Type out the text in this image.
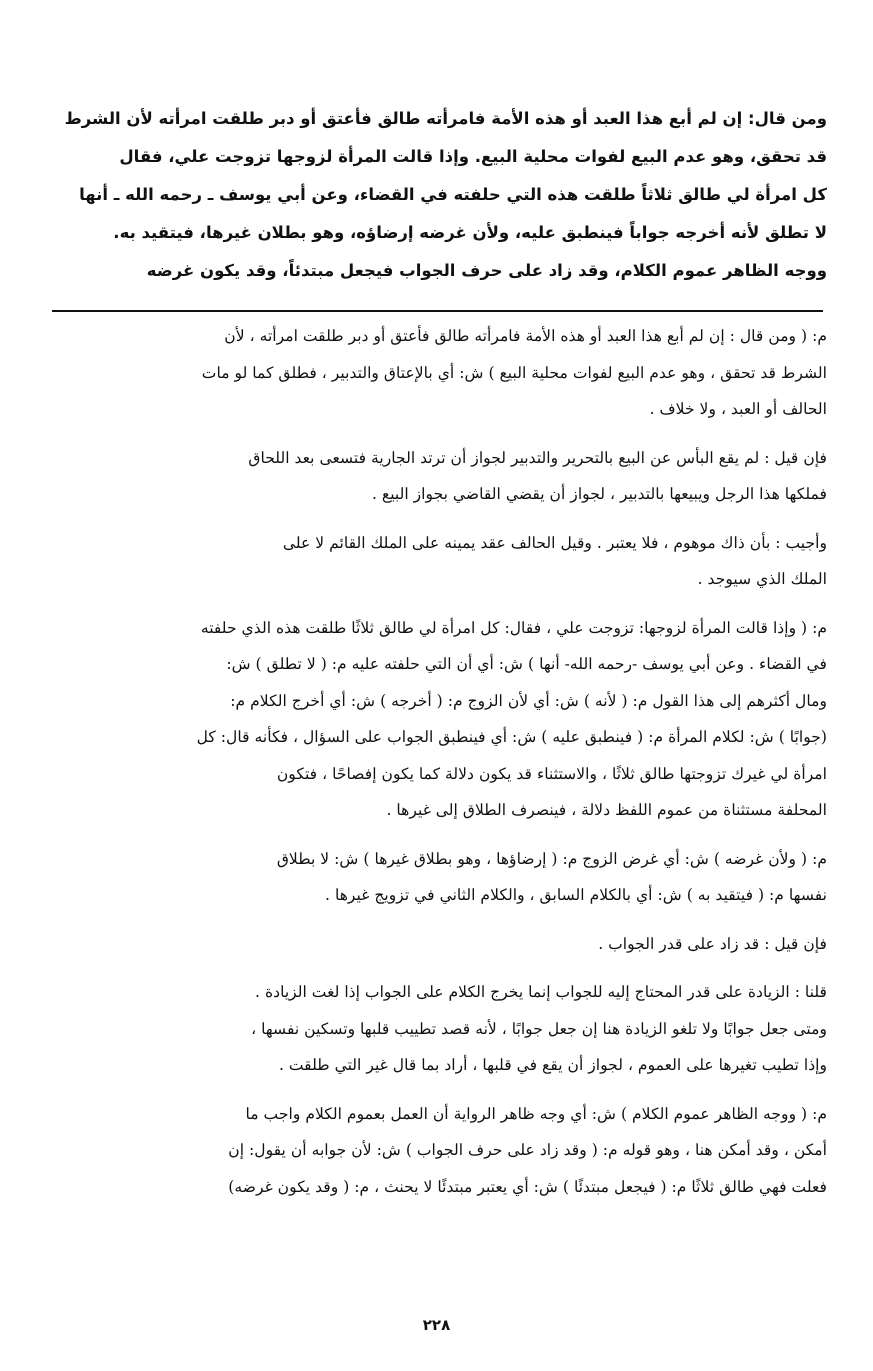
ومن قال: إن لم أبع هذا العبد أو هذه الأمة فامرأته طالق فأعتق أو دبر طلقت امرأته لأن الشرط
قد تحقق، وهو عدم البيع لفوات محلية البيع. وإذا قالت المرأة لزوجها تزوجت علي، فقال
كل امرأة لي طالق ثلاثاً طلقت هذه التي حلفته في القضاء، وعن أبي يوسف ـ رحمه الله ـ أنها
لا تطلق لأنه أخرجه جواباً فينطبق عليه، ولأن غرضه إرضاؤه، وهو بطلان غيرها، فيتقيد به.
ووجه الظاهر عموم الكلام، وقد زاد على حرف الجواب فيجعل مبتدئاً، وقد يكون غرضه
م: ( ومن قال : إن لم أبع هذا العبد أو هذه الأمة فامرأته طالق فأعتق أو دبر طلقت امرأته ، لأن
الشرط قد تحقق ، وهو عدم البيع لفوات محلية البيع ) ش: أي بالإعتاق والتدبير ، فطلق كما لو مات
الحالف أو العبد ، ولا خلاف .
فإن قيل : لم يقع البأس عن البيع بالتحرير والتدبير لجواز أن ترتد الجارية فتسعى بعد اللحاق
فملكها هذا الرجل ويبيعها بالتدبير ، لجواز أن يقضي القاضي بجواز البيع .
وأجيب : بأن ذاك موهوم ، فلا يعتبر . وقيل الحالف عقد يمينه على الملك القائم لا على
الملك الذي سيوجد .
م: ( وإذا قالت المرأة لزوجها: تزوجت علي ، فقال: كل امرأة لي طالق ثلاثًا طلقت هذه الذي حلفته
في القضاء . وعن أبي يوسف -رحمه الله- أنها ) ش: أي أن التي حلفته عليه م: ( لا تطلق ) ش:
ومال أكثرهم إلى هذا القول م: ( لأنه ) ش: أي لأن الزوج م: ( أخرجه ) ش: أي أخرج الكلام م:
(جوابًا ) ش: لكلام المرأة م: ( فينطبق عليه ) ش: أي فينطبق الجواب على السؤال ، فكأنه قال: كل
امرأة لي غيرك تزوجتها طالق ثلاثًا ، والاستثناء قد يكون دلالة كما يكون إفصاحًا ، فتكون
المحلفة مستثناة من عموم اللفظ دلالة ، فينصرف الطلاق إلى غيرها .
م: ( ولأن غرضه ) ش: أي غرض الزوج م: ( إرضاؤها ، وهو بطلاق غيرها ) ش: لا بطلاق
نفسها م: ( فيتقيد به ) ش: أي بالكلام السابق ، والكلام الثاني في تزويج غيرها .
فإن قيل : قد زاد على قدر الجواب .
قلنا : الزيادة على قدر المحتاج إليه للجواب إنما يخرج الكلام على الجواب إذا لغت الزيادة .
ومتى جعل جوابًا ولا تلغو الزيادة هنا إن جعل جوابًا ، لأنه قصد تطييب قلبها وتسكين نفسها ،
وإذا تطيب تغيرها على العموم ، لجواز أن يقع في قلبها ، أراد بما قال غير التي طلقت .
م: ( ووجه الظاهر عموم الكلام ) ش: أي وجه ظاهر الرواية أن العمل بعموم الكلام واجب ما
أمكن ، وقد أمكن هنا ، وهو قوله م: ( وقد زاد على حرف الجواب ) ش: لأن جوابه أن يقول: إن
فعلت فهي طالق ثلاثًا م: ( فيجعل مبتدئًا ) ش: أي يعتبر مبتدئًا لا يحنث ، م: ( وقد يكون غرضه)
٢٢٨
